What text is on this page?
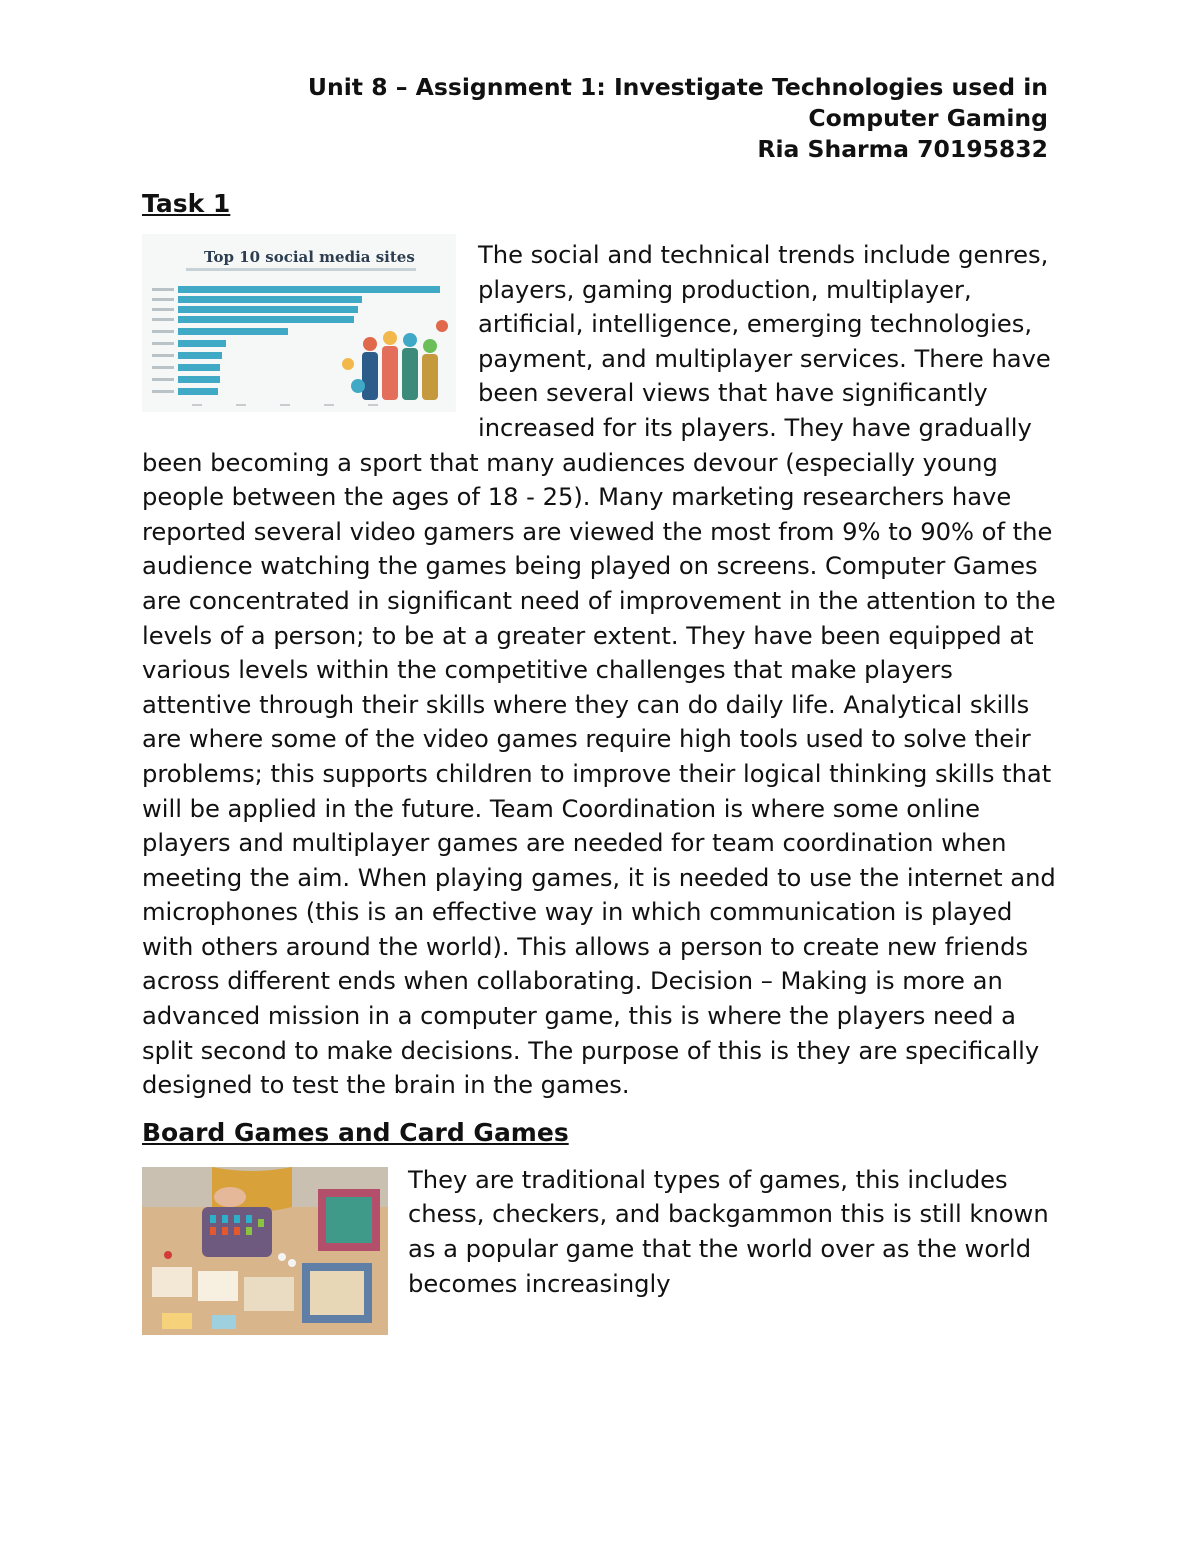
Unit 8 – Assignment 1: Investigate Technologies used in
Computer Gaming
Ria Sharma 70195832
Task 1
Top 10 social media sites	The social and technical trends include genres, players, gaming production, multiplayer, artificial, intelligence, emerging technologies, payment, and multiplayer services. There have been several views that have significantly increased for its players. They have gradually been becoming a sport that many audiences devour (especially young people between the ages of 18 - 25). Many marketing researchers have reported several video gamers are viewed the most from 9% to 90% of the audience watching the games being played on screens. Computer Games are concentrated in significant need of improvement in the attention to the levels of a person; to be at a greater extent. They have been equipped at various levels within the competitive challenges that make players attentive through their skills where they can do daily life. Analytical skills are where some of the video games require high tools used to solve their problems; this supports children to improve their logical thinking skills that will be applied in the future. Team Coordination is where some online players and multiplayer games are needed for team coordination when meeting the aim. When playing games, it is needed to use the internet and microphones (this is an effective way in which communication is played with others around the world). This allows a person to create new friends across different ends when collaborating. Decision – Making is more an advanced mission in a computer game, this is where the players need a split second to make decisions. The purpose of this is they are specifically designed to test the brain in the games.

Board Games and Card Games

They are traditional types of games, this includes chess, checkers, and backgammon this is still known as a popular game that the world over as the world becomes increasingly
